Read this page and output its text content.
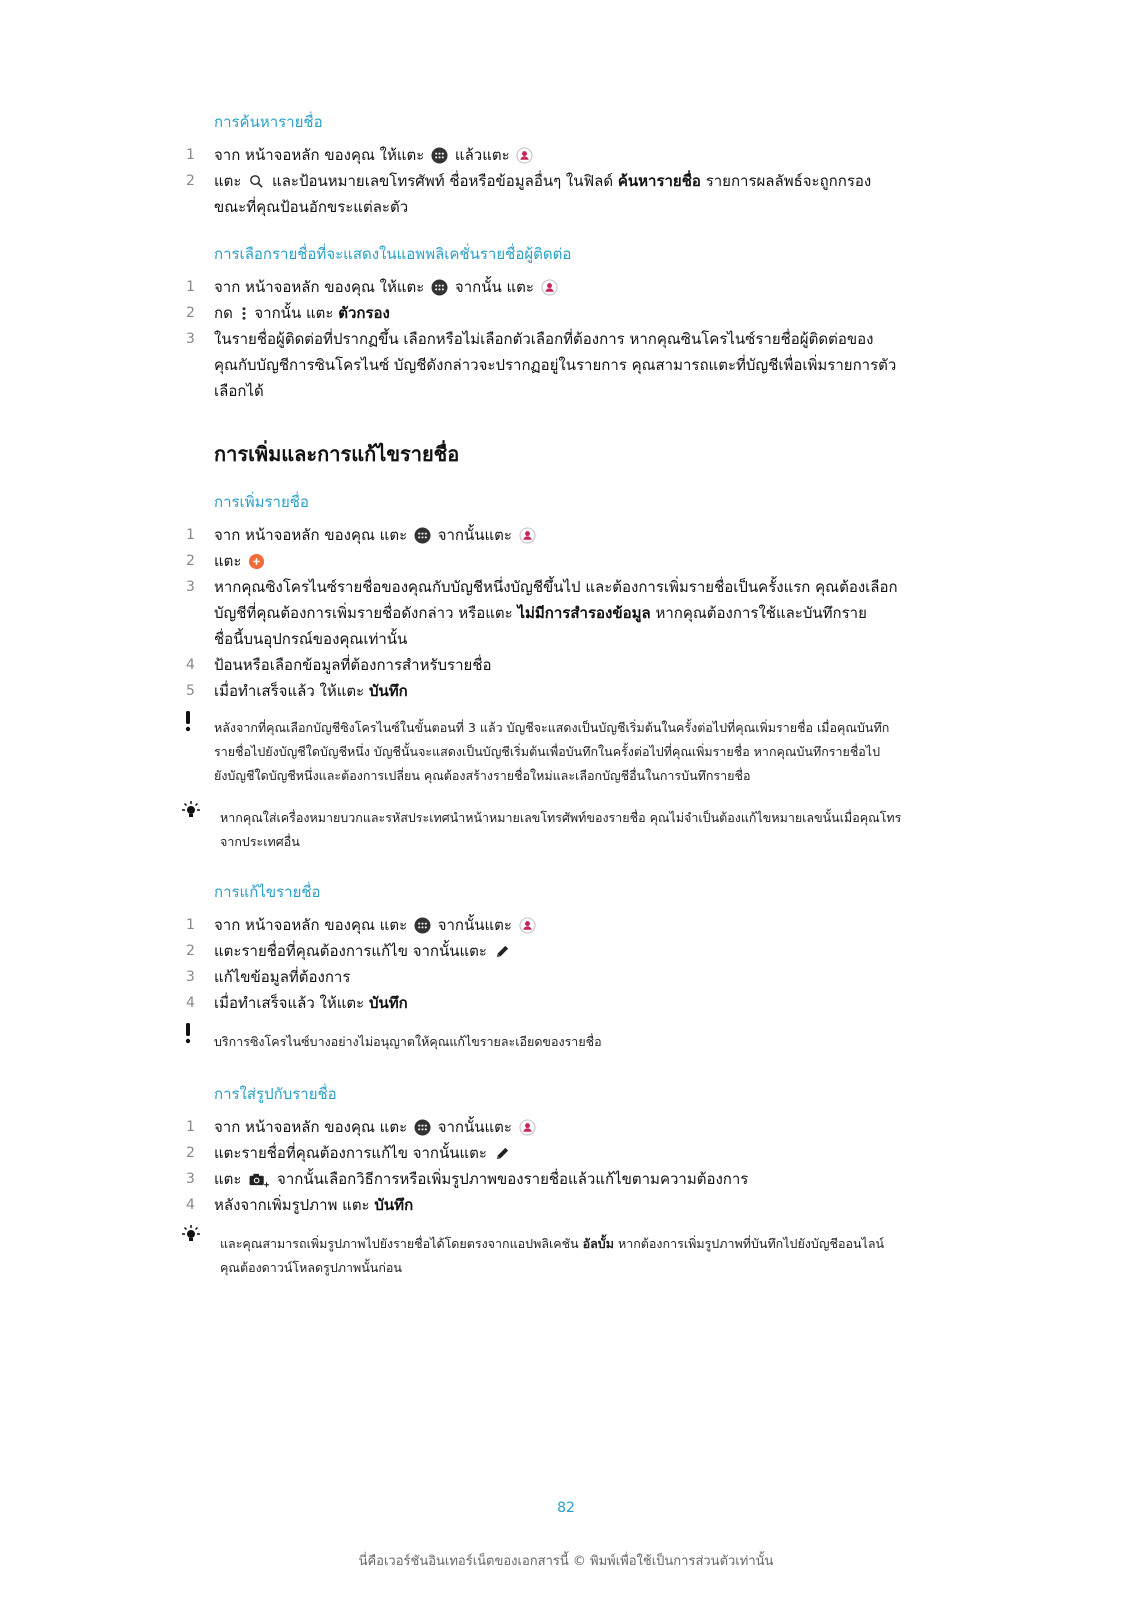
การค้นหารายชื่อ
1 จาก หน้าจอหลัก ของคุณ ให้แตะ แล้วแตะ
2 แตะ และป้อนหมายเลขโทรศัพท์ ชื่อหรือข้อมูลอื่นๆ ในฟิลด์ ค้นหารายชื่อ รายการผลลัพธ์จะถูกกรอง
ขณะที่คุณป้อนอักขระแต่ละตัว
การเลือกรายชื่อที่จะแสดงในแอพพลิเคชั่นรายชื่อผู้ติดต่อ
1 จาก หน้าจอหลัก ของคุณ ให้แตะ จากนั้น แตะ
2 กด จากนั้น แตะ ตัวกรอง
3 ในรายชื่อผู้ติดต่อที่ปรากฏขึ้น เลือกหรือไม่เลือกตัวเลือกที่ต้องการ หากคุณซินโครไนซ์รายชื่อผู้ติดต่อของ
คุณกับบัญชีการซินโครไนซ์ บัญชีดังกล่าวจะปรากฏอยู่ในรายการ คุณสามารถแตะที่บัญชีเพื่อเพิ่มรายการตัว
เลือกได้
การเพิ่มและการแก้ไขรายชื่อ
การเพิ่มรายชื่อ
1 จาก หน้าจอหลัก ของคุณ แตะ จากนั้นแตะ
2 แตะ
3 หากคุณซิงโครไนซ์รายชื่อของคุณกับบัญชีหนึ่งบัญชีขึ้นไป และต้องการเพิ่มรายชื่อเป็นครั้งแรก คุณต้องเลือก
บัญชีที่คุณต้องการเพิ่มรายชื่อดังกล่าว หรือแตะ ไม่มีการสำรองข้อมูล หากคุณต้องการใช้และบันทึกราย
ชื่อนี้บนอุปกรณ์ของคุณเท่านั้น
4 ป้อนหรือเลือกข้อมูลที่ต้องการสำหรับรายชื่อ
5 เมื่อทำเสร็จแล้ว ให้แตะ บันทึก
หลังจากที่คุณเลือกบัญชีซิงโครไนซ์ในขั้นตอนที่ 3 แล้ว บัญชีจะแสดงเป็นบัญชีเริ่มต้นในครั้งต่อไปที่คุณเพิ่มรายชื่อ เมื่อคุณบันทึก
รายชื่อไปยังบัญชีใดบัญชีหนึ่ง บัญชีนั้นจะแสดงเป็นบัญชีเริ่มต้นเพื่อบันทึกในครั้งต่อไปที่คุณเพิ่มรายชื่อ หากคุณบันทึกรายชื่อไป
ยังบัญชีใดบัญชีหนึ่งและต้องการเปลี่ยน คุณต้องสร้างรายชื่อใหม่และเลือกบัญชีอื่นในการบันทึกรายชื่อ
หากคุณใส่เครื่องหมายบวกและรหัสประเทศนำหน้าหมายเลขโทรศัพท์ของรายชื่อ คุณไม่จำเป็นต้องแก้ไขหมายเลขนั้นเมื่อคุณโทร
จากประเทศอื่น
การแก้ไขรายชื่อ
1 จาก หน้าจอหลัก ของคุณ แตะ จากนั้นแตะ
2 แตะรายชื่อที่คุณต้องการแก้ไข จากนั้นแตะ
3 แก้ไขข้อมูลที่ต้องการ
4 เมื่อทำเสร็จแล้ว ให้แตะ บันทึก
บริการซิงโครไนซ์บางอย่างไม่อนุญาตให้คุณแก้ไขรายละเอียดของรายชื่อ
การใส่รูปกับรายชื่อ
1 จาก หน้าจอหลัก ของคุณ แตะ จากนั้นแตะ
2 แตะรายชื่อที่คุณต้องการแก้ไข จากนั้นแตะ
3 แตะ จากนั้นเลือกวิธีการหรือเพิ่มรูปภาพของรายชื่อแล้วแก้ไขตามความต้องการ
4 หลังจากเพิ่มรูปภาพ แตะ บันทึก
และคุณสามารถเพิ่มรูปภาพไปยังรายชื่อได้โดยตรงจากแอปพลิเคชัน อัลบั้ม หากต้องการเพิ่มรูปภาพที่บันทึกไปยังบัญชีออนไลน์
คุณต้องดาวน์โหลดรูปภาพนั้นก่อน
82
นี่คือเวอร์ชันอินเทอร์เน็ตของเอกสารนี้ © พิมพ์เพื่อใช้เป็นการส่วนตัวเท่านั้น
